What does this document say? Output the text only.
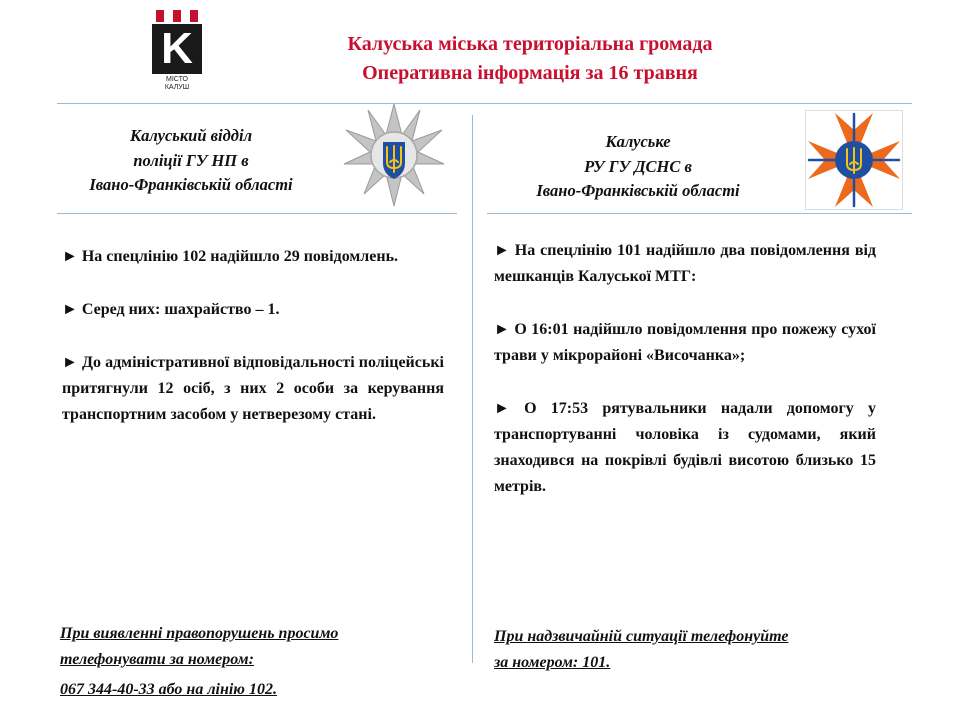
K
МІСТО
КАЛУШ
Калуська міська територіальна громада
Оперативна інформація за 16 травня
Калуський відділ
поліції ГУ НП в
Івано-Франківській області
Калуське
РУ ГУ ДСНС в
Івано-Франківській області

► На спецлінію 102 надійшло 29 повідомлень.

► Серед них: шахрайство – 1.

► До адміністративної відповідальності поліцейські притягнули 12 осіб, з них 2 особи за керування транспортним засобом у нетверезому стані.

► На спецлінію 101 надійшло два повідомлення від мешканців Калуської МТГ:

► О 16:01 надійшло повідомлення про пожежу сухої трави у мікрорайоні «Височанка»;

► О 17:53 рятувальники надали допомогу у транспортуванні чоловіка із судомами, який знаходився на покрівлі будівлі висотою близько 15 метрів.

При виявленні правопорушень просимо
телефонувати за номером:
067 344-40-33 або на лінію 102.
При надзвичайній ситуації телефонуйте
за номером: 101.
